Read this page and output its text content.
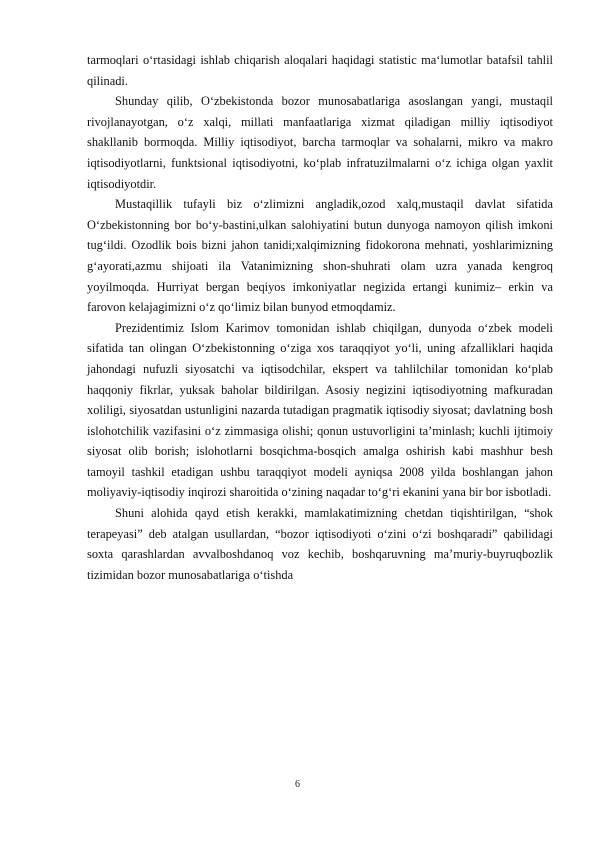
tarmoqlari o‘rtasidagi ishlab chiqarish aloqalari haqidagi statistic ma‘lumotlar batafsil tahlil qilinadi.

Shunday qilib, O‘zbekistonda bozor munosabatlariga asoslangan yangi, mustaqil rivojlanayotgan, o‘z xalqi, millati manfaatlariga xizmat qiladigan milliy iqtisodiyot shakllanib bormoqda. Milliy iqtisodiyot, barcha tarmoqlar va sohalarni, mikro va makro iqtisodiyotlarni, funktsional iqtisodiyotni, ko‘plab infratuzilmalarni o‘z ichiga olgan yaxlit iqtisodiyotdir.

Mustaqillik tufayli biz o‘zlimizni angladik,ozod xalq,mustaqil davlat sifatida O‘zbekistonning bor bo‘y-bastini,ulkan salohiyatini butun dunyoga namoyon qilish imkoni tug‘ildi. Ozodlik bois bizni jahon tanidi;xalqimizning fidokorona mehnati, yoshlarimizning g‘ayorati,azmu shijoati ila Vatanimizning shon-shuhrati olam uzra yanada kengroq yoyilmoqda. Hurriyat bergan beqiyos imkoniyatlar negizida ertangi kunimiz– erkin va farovon kelajagimizni o‘z qo‘limiz bilan bunyod etmoqdamiz.

Prezidentimiz Islom Karimov tomonidan ishlab chiqilgan, dunyoda o‘zbek modeli sifatida tan olingan O‘zbekistonning o‘ziga xos taraqqiyot yo‘li, uning afzalliklari haqida jahondagi nufuzli siyosatchi va iqtisodchilar, ekspert va tahlilchilar tomonidan ko‘plab haqqoniy fikrlar, yuksak baholar bildirilgan. Asosiy negizini iqtisodiyotning mafkuradan xoliligi, siyosatdan ustunligini nazarda tutadigan pragmatik iqtisodiy siyosat; davlatning bosh islohotchilik vazifasini o‘z zimmasiga olishi; qonun ustuvorligini ta’minlash; kuchli ijtimoiy siyosat olib borish; islohotlarni bosqichma-bosqich amalga oshirish kabi mashhur besh tamoyil tashkil etadigan ushbu taraqqiyot modeli ayniqsa 2008 yilda boshlangan jahon moliyaviy-iqtisodiy inqirozi sharoitida o‘zining naqadar to‘g‘ri ekanini yana bir bor isbotladi.

Shuni alohida qayd etish kerakki, mamlakatimizning chetdan tiqishtirilgan, “shok terapeyasi” deb atalgan usullardan, “bozor iqtisodiyoti o‘zini o‘zi boshqaradi” qabilidagi soxta qarashlardan avvalboshdanoq voz kechib, boshqaruvning ma’muriy-buyruqbozlik tizimidan bozor munosabatlariga o‘tishda

6
